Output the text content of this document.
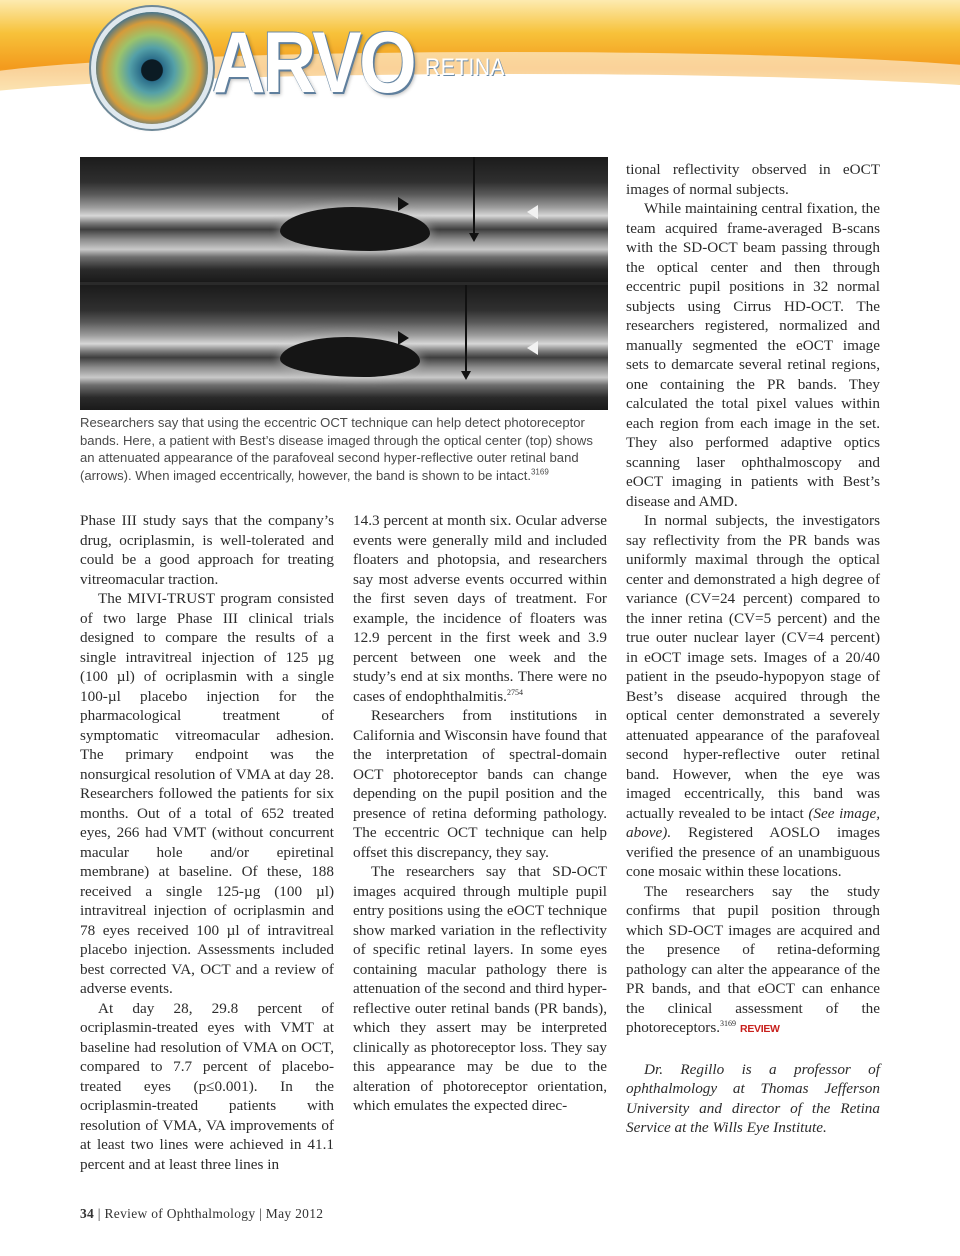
ARVO RETINA
Researchers say that using the eccentric OCT technique can help detect photoreceptor bands. Here, a patient with Best’s disease imaged through the optical center (top) shows an attenuated appearance of the parafoveal second hyper-reflective outer retinal band (arrows). When imaged eccentrically, however, the band is shown to be intact.$^{3169}$

Phase III study says that the company’s drug, ocriplasmin, is well-tolerated and could be a good approach for treating vitreomacular traction.

The MIVI-TRUST program consisted of two large Phase III clinical trials designed to compare the results of a single intravitreal injection of 125 µg (100 µl) of ocriplasmin with a single 100-µl placebo injection for the pharmacological treatment of symptomatic vitreomacular adhesion. The primary endpoint was the nonsurgical resolution of VMA at day 28. Researchers followed the patients for six months. Out of a total of 652 treated eyes, 266 had VMT (without concurrent macular hole and/or epiretinal membrane) at baseline. Of these, 188 received a single 125-µg (100 µl) intravitreal injection of ocriplasmin and 78 eyes received 100 µl of intravitreal placebo injection. Assessments included best corrected VA, OCT and a review of adverse events.

At day 28, 29.8 percent of ocriplasmin-treated eyes with VMT at baseline had resolution of VMA on OCT, compared to 7.7 percent of placebo-treated eyes (p≤0.001). In the ocriplasmin-treated patients with resolution of VMA, VA improvements of at least two lines were achieved in 41.1 percent and at least three lines in

14.3 percent at month six. Ocular adverse events were generally mild and included floaters and photopsia, and researchers say most adverse events occurred within the first seven days of treatment. For example, the incidence of floaters was 12.9 percent in the first week and 3.9 percent between one week and the study’s end at six months. There were no cases of endophthalmitis.$^{2754}$

Researchers from institutions in California and Wisconsin have found that the interpretation of spectral-domain OCT photoreceptor bands can change depending on the pupil position and the presence of retina deforming pathology. The eccentric OCT technique can help offset this discrepancy, they say.

The researchers say that SD-OCT images acquired through multiple pupil entry positions using the eOCT technique show marked variation in the reflectivity of specific retinal layers. In some eyes containing macular pathology there is attenuation of the second and third hyper-reflective outer retinal bands (PR bands), which they assert may be interpreted clinically as photoreceptor loss. They say this appearance may be due to the alteration of photoreceptor orientation, which emulates the expected direc-

tional reflectivity observed in eOCT images of normal subjects.

While maintaining central fixation, the team acquired frame-averaged B-scans with the SD-OCT beam passing through the optical center and then through eccentric pupil positions in 32 normal subjects using Cirrus HD-OCT. The researchers registered, normalized and manually segmented the eOCT image sets to demarcate several retinal regions, one containing the PR bands. They calculated the total pixel values within each region from each image in the set. They also performed adaptive optics scanning laser ophthalmoscopy and eOCT imaging in patients with Best’s disease and AMD.

In normal subjects, the investigators say reflectivity from the PR bands was uniformly maximal through the optical center and demonstrated a high degree of variance (CV=24 percent) compared to the inner retina (CV=5 percent) and the true outer nuclear layer (CV=4 percent) in eOCT image sets. Images of a 20/40 patient in the pseudo-hypopyon stage of Best’s disease acquired through the optical center demonstrated a severely attenuated appearance of the parafoveal second hyper-reflective outer retinal band. However, when the eye was imaged eccentrically, this band was actually revealed to be intact (See image, above). Registered AOSLO images verified the presence of an unambiguous cone mosaic within these locations.

The researchers say the study confirms that pupil position through which SD-OCT images are acquired and the presence of retina-deforming pathology can alter the appearance of the PR bands, and that eOCT can enhance the clinical assessment of the photoreceptors.$^{3169}$ REVIEW

Dr. Regillo is a professor of ophthalmology at Thomas Jefferson University and director of the Retina Service at the Wills Eye Institute.

34 | Review of Ophthalmology | May 2012
